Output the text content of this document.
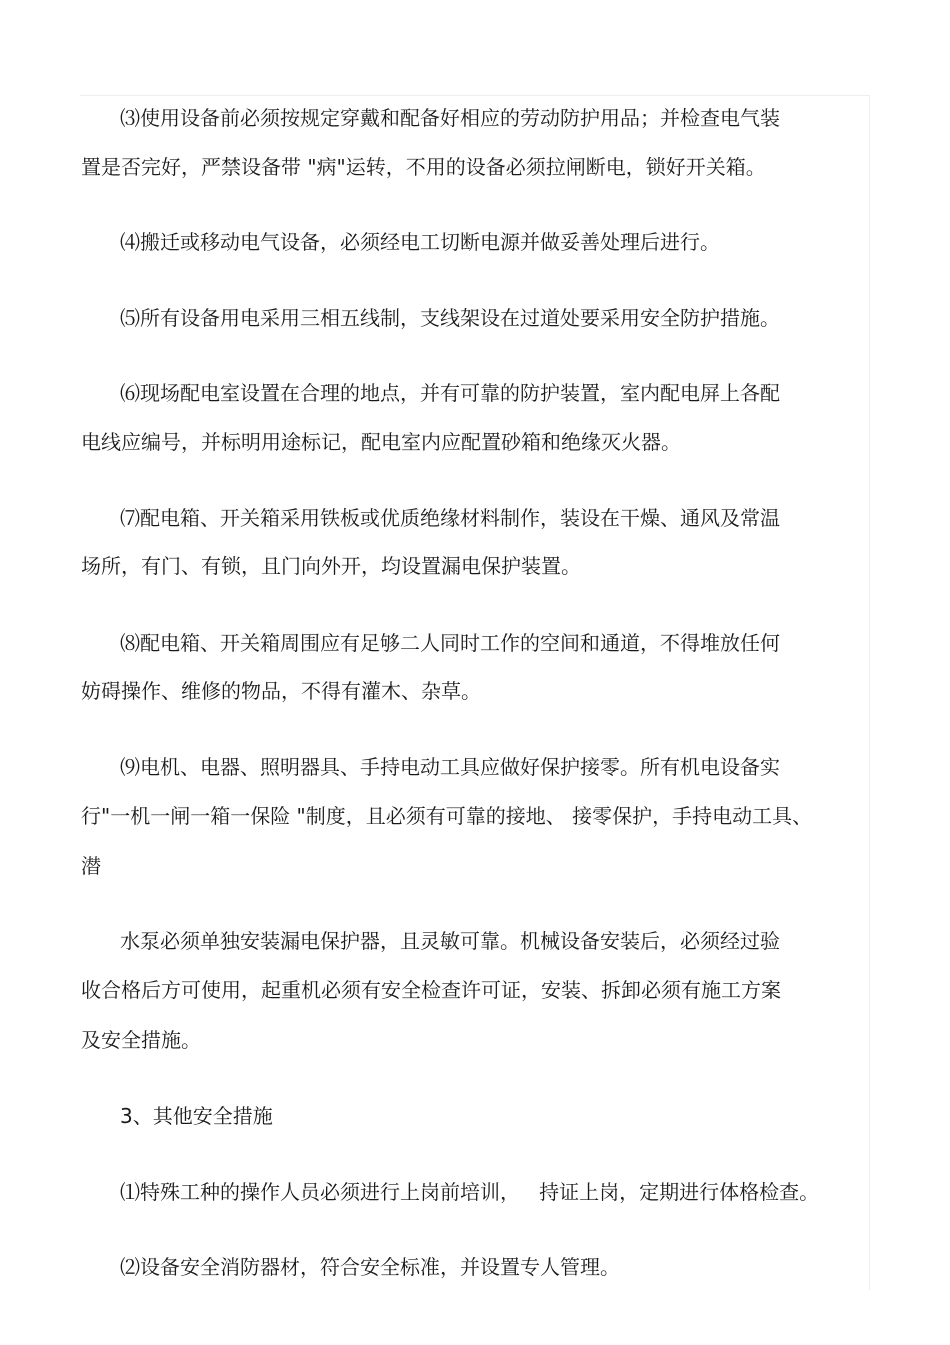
⑶使用设备前必须按规定穿戴和配备好相应的劳动防护用品；并检查电气装

置是否完好，严禁设备带 "病"运转，不用的设备必须拉闸断电，锁好开关箱。

⑷搬迁或移动电气设备，必须经电工切断电源并做妥善处理后进行。

⑸所有设备用电采用三相五线制，支线架设在过道处要采用安全防护措施。

⑹现场配电室设置在合理的地点，并有可靠的防护装置，室内配电屏上各配

电线应编号，并标明用途标记，配电室内应配置砂箱和绝缘灭火器。

⑺配电箱、开关箱采用铁板或优质绝缘材料制作，装设在干燥、通风及常温

场所，有门、有锁，且门向外开，均设置漏电保护装置。

⑻配电箱、开关箱周围应有足够二人同时工作的空间和通道，不得堆放任何

妨碍操作、维修的物品，不得有灌木、杂草。

⑼电机、电器、照明器具、手持电动工具应做好保护接零。所有机电设备实

行"一机一闸一箱一保险 "制度，且必须有可靠的接地、 接零保护，手持电动工具、

潜

水泵必须单独安装漏电保护器，且灵敏可靠。机械设备安装后，必须经过验

收合格后方可使用，起重机必须有安全检查许可证，安装、拆卸必须有施工方案

及安全措施。

3、其他安全措施

⑴特殊工种的操作人员必须进行上岗前培训，   持证上岗，定期进行体格检查。

⑵设备安全消防器材，符合安全标准，并设置专人管理。
